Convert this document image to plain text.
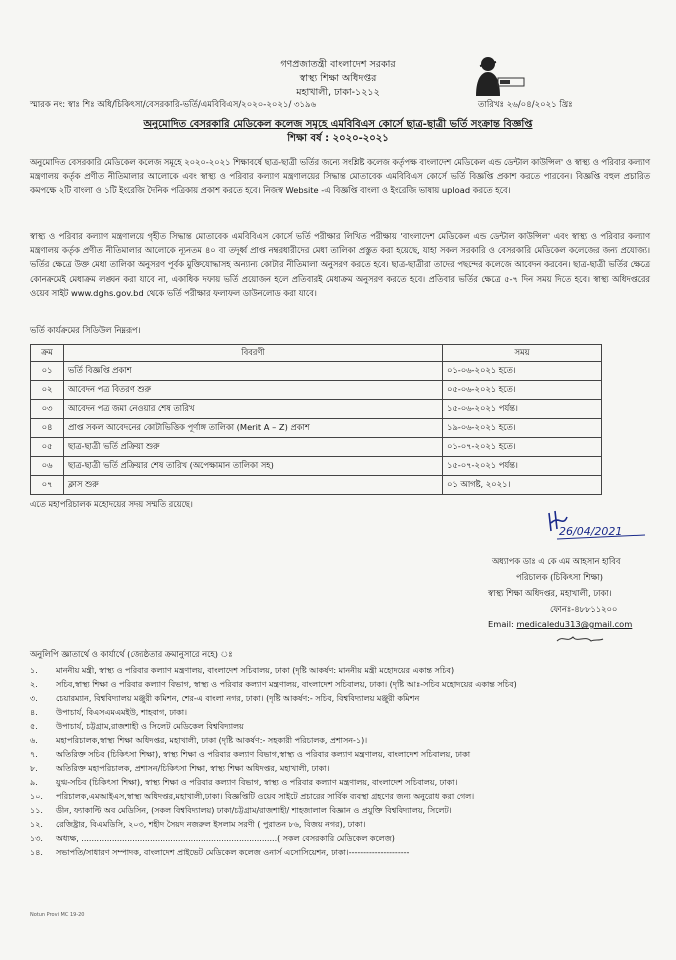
গণপ্রজাতন্ত্রী বাংলাদেশ সরকার
স্বাস্থ্য শিক্ষা অধিদপ্তর
মহাখালী, ঢাকা-১২১২
স্মারক নং: স্বাঃ শিঃ অধি/চিকিৎসা/বেসরকারি-ভর্তি/এমবিবিএস/২০২০-২০২১/ ৩১৯৬	তারিখঃ ২৬/০৪/২০২১ খ্রিঃ
অনুমোদিত বেসরকারি মেডিকেল কলেজ সমূহে এমবিবিএস কোর্সে ছাত্র-ছাত্রী ভর্তি সংক্রান্ত বিজ্ঞপ্তি
শিক্ষা বর্ষ : ২০২০-২০২১
অনুমোদিত বেসরকারি মেডিকেল কলেজ সমূহে ২০২০-২০২১ শিক্ষাবর্ষে ছাত্র-ছাত্রী ভর্তির জন্যে সংশ্লিষ্ট কলেজ কর্তৃপক্ষ বাংলাদেশ মেডিকেল এন্ড ডেন্টাল কাউন্সিল' ও স্বাস্থ্য ও পরিবার কল্যাণ মন্ত্রণালয় কর্তৃক প্রণীত নীতিমালার আলোকে এবং স্বাস্থ্য ও পরিবার কল্যাণ মন্ত্রণালয়ের সিদ্ধান্ত মোতাবেক এমবিবিএস কোর্সে ভর্তি বিজ্ঞপ্তি প্রকাশ করতে পারবেন। বিজ্ঞপ্তি বহুল প্রচারিত কমপক্ষে ২টি বাংলা ও ১টি ইংরেজি দৈনিক পত্রিকায় প্রকাশ করতে হবে। নিজস্ব Website -এ বিজ্ঞপ্তি বাংলা ও ইংরেজি ভাষায় upload করতে হবে।
স্বাস্থ্য ও পরিবার কল্যাণ মন্ত্রণালয়ে গৃহীত সিদ্ধান্ত মোতাবেক এমবিবিএস কোর্সে ভর্তি পরীক্ষার লিখিত পরীক্ষায় 'বাংলাদেশ মেডিকেল এন্ড ডেন্টাল কাউন্সিল' এবং স্বাস্থ্য ও পরিবার কল্যাণ মন্ত্রণালয় কর্তৃক প্রণীত নীতিমালার আলোকে ন্যূনতম ৪০ বা তদূর্ধ্ব প্রাপ্ত নম্বরধারীদের মেধা তালিকা প্রস্তুত করা হয়েছে, যাহা সকল সরকারি ও বেসরকারি মেডিকেল কলেজের জন্য প্রযোজ্য। ভর্তির ক্ষেত্রে উক্ত মেধা তালিকা অনুসরণ পূর্বক মুক্তিযোদ্ধাসহ অন্যান্য কোটার নীতিমালা অনুসরণ করতে হবে। ছাত্র-ছাত্রীরা তাদের পছন্দের কলেজে আবেদন করবেন। ছাত্র-ছাত্রী ভর্তির ক্ষেত্রে কোনক্রমেই মেধাক্রম লঙ্ঘন করা যাবে না, একাধিক দফায় ভর্তি প্রয়োজন হলে প্রতিবারই মেধাক্রম অনুসরণ করতে হবে। প্রতিবার ভর্তির ক্ষেত্রে ৫-৭ দিন সময় দিতে হবে। স্বাস্থ্য অধিদপ্তরের ওয়েব সাইট www.dghs.gov.bd থেকে ভর্তি পরীক্ষার ফলাফল ডাউনলোড করা যাবে।
ভর্তি কার্যক্রমের সিডিউল নিম্নরূপ।
ক্রম	বিবরণী	সময়
০১	ভর্তি বিজ্ঞপ্তি প্রকাশ	০১-০৬-২০২১ হতে।
০২	আবেদন পত্র বিতরণ শুরু	০৫-০৬-২০২১ হতে।
০৩	আবেদন পত্র জমা নেওয়ার শেষ তারিখ	১৫-০৬-২০২১ পর্যন্ত।
০৪	প্রাপ্ত সকল আবেদনের কোটাভিত্তিক পূর্ণাঙ্গ তালিকা (Merit A – Z) প্রকাশ	১৯-০৬-২০২১ হতে।
০৫	ছাত্র-ছাত্রী ভর্তি প্রক্রিয়া শুরু	০১-০৭-২০২১ হতে।
০৬	ছাত্র-ছাত্রী ভর্তি প্রক্রিয়ার শেষ তারিখ (অপেক্ষামান তালিকা সহ)	১৫-০৭-২০২১ পর্যন্ত।
০৭	ক্লাস শুরু	০১ আগষ্ট, ২০২১।
এতে মহাপরিচালক মহোদয়ের সদয় সম্মতি রয়েছে।
26/04/2021
অধ্যাপক ডাঃ এ কে এম আহসান হাবিব
পরিচালক (চিকিৎসা শিক্ষা)
স্বাস্থ্য শিক্ষা অধিদপ্তর, মহাখালী, ঢাকা।
ফোনঃ-৪৮৮১১২০০
Email: medicaledu313@gmail.com
অনুলিপি জ্ঞাতার্থে ও কার্যার্থে (জ্যেষ্ঠতার ক্রমানুসারে নহে) ঃ
১.	মাননীয় মন্ত্রী, স্বাস্থ্য ও পরিবার কল্যাণ মন্ত্রণালয়, বাংলাদেশ সচিবালয়, ঢাকা (দৃষ্টি আকর্ষণ: মাননীয় মন্ত্রী মহোদয়ের একান্ত সচিব)
২.	সচিব,স্বাস্থ্য শিক্ষা ও পরিবার কল্যাণ বিভাগ, স্বাস্থ্য ও পরিবার কল্যাণ মন্ত্রণালয়, বাংলাদেশ সচিবালয়, ঢাকা। (দৃষ্টি আঃ-সচিব মহোদয়ের একান্ত সচিব)
৩.	চেয়ারম্যান, বিশ্ববিদ্যালয় মঞ্জুরী কমিশন, শের-এ বাংলা নগর, ঢাকা। (দৃষ্টি আকর্ষণ:- সচিব, বিশ্ববিদ্যালয় মঞ্জুরী কমিশন
৪.	উপাচার্য, বিএসএমএমইউ, শাহবাগ, ঢাকা।
৫.	উপাচার্য, চট্টগ্রাম,রাজশাহী ও সিলেট মেডিকেল বিশ্ববিদ্যালয়
৬.	মহাপরিচালক,স্বাস্থ্য শিক্ষা অধিদপ্তর, মহাখালী, ঢাকা (দৃষ্টি আকর্ষণ:- সহকারী পরিচালক, প্রশাসন-১)।
৭.	অতিরিক্ত সচিব (চিকিৎসা শিক্ষা), স্বাস্থ্য শিক্ষা ও পরিবার কল্যাণ বিভাগ,স্বাস্থ্য ও পরিবার কল্যাণ মন্ত্রণালয়, বাংলাদেশ সচিবালয়, ঢাকা
৮.	অতিরিক্ত মহাপরিচালক, প্রশাসন/চিকিৎসা শিক্ষা, স্বাস্থ্য শিক্ষা অধিদপ্তর, মহাখালী, ঢাকা।
৯.	যুগ্ম-সচিব (চিকিৎসা শিক্ষা), স্বাস্থ্য শিক্ষা ও পরিবার কল্যাণ বিভাগ, স্বাস্থ্য ও পরিবার কল্যাণ মন্ত্রণালয়, বাংলাদেশ সচিবালয়, ঢাকা।
১০.	পরিচালক,এমআইএস,স্বাস্থ্য অধিদপ্তর,মহাখালী,ঢাকা। বিজ্ঞপ্তিটি ওয়েব সাইটে প্রচারের সার্বিক ব্যবস্থা গ্রহণের জন্য অনুরোধ করা গেল।
১১.	ডীন, ফ্যাকাল্টি অব মেডিসিন, (সকল বিশ্ববিদ্যালয়) ঢাকা/চট্টগ্রাম/রাজশাহী/ শাহজালাল বিজ্ঞান ও প্রযুক্তি বিশ্ববিদ্যালয়, সিলেট।
১২.	রেজিষ্ট্রার, বিএমডিসি, ২০৩, শহীদ সৈয়দ নজরুল ইসলাম সরণী ( পুরাতন ৮৬, বিজয় নগর), ঢাকা।
১৩.	অধ্যক্ষ, .............................................................................( সকল বেসরকারি মেডিকেল কলেজ)
১৪.	সভাপতি/সাধারণ সম্পাদক, বাংলাদেশ প্রাইভেট মেডিকেল কলেজ ওনার্স এসোসিয়েশন, ঢাকা।---------------------
Notun Provi MC 19-20
